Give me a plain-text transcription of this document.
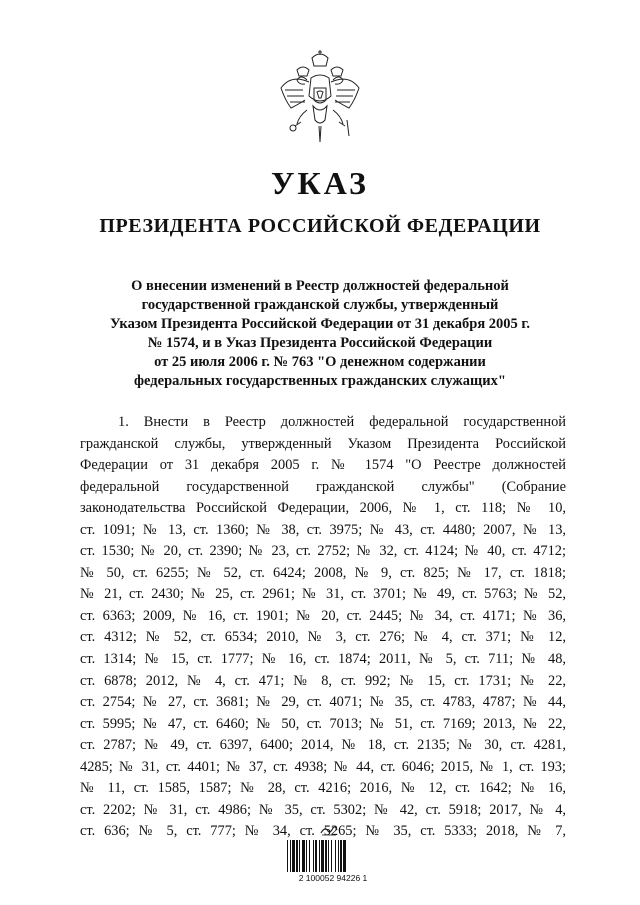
УКАЗ
ПРЕЗИДЕНТА РОССИЙСКОЙ ФЕДЕРАЦИИ
О внесении изменений в Реестр должностей федеральной
государственной гражданской службы, утвержденный
Указом Президента Российской Федерации от 31 декабря 2005 г.
№ 1574, и в Указ Президента Российской Федерации
от 25 июля 2006 г. № 763 "О денежном содержании
федеральных государственных гражданских служащих"
1. Внести в Реестр должностей федеральной государственной
гражданской службы, утвержденный Указом Президента Российской
Федерации от 31 декабря 2005 г. № 1574 "О Реестре должностей
федеральной государственной гражданской службы" (Собрание
законодательства Российской Федерации, 2006, № 1, ст. 118; № 10,
ст. 1091; № 13, ст. 1360; № 38, ст. 3975; № 43, ст. 4480; 2007, № 13,
ст. 1530; № 20, ст. 2390; № 23, ст. 2752; № 32, ст. 4124; № 40, ст. 4712;
№ 50, ст. 6255; № 52, ст. 6424; 2008, № 9, ст. 825; № 17, ст. 1818;
№ 21, ст. 2430; № 25, ст. 2961; № 31, ст. 3701; № 49, ст. 5763; № 52,
ст. 6363; 2009, № 16, ст. 1901; № 20, ст. 2445; № 34, ст. 4171; № 36,
ст. 4312; № 52, ст. 6534; 2010, № 3, ст. 276; № 4, ст. 371; № 12,
ст. 1314; № 15, ст. 1777; № 16, ст. 1874; 2011, № 5, ст. 711; № 48,
ст. 6878; 2012, № 4, ст. 471; № 8, ст. 992; № 15, ст. 1731; № 22,
ст. 2754; № 27, ст. 3681; № 29, ст. 4071; № 35, ст. 4783, 4787; № 44,
ст. 5995; № 47, ст. 6460; № 50, ст. 7013; № 51, ст. 7169; 2013, № 22,
ст. 2787; № 49, ст. 6397, 6400; 2014, № 18, ст. 2135; № 30, ст. 4281,
4285; № 31, ст. 4401; № 37, ст. 4938; № 44, ст. 6046; 2015, № 1, ст. 193;
№ 11, ст. 1585, 1587; № 28, ст. 4216; 2016, № 12, ст. 1642; № 16,
ст. 2202; № 31, ст. 4986; № 35, ст. 5302; № 42, ст. 5918; 2017, № 4,
ст. 636; № 5, ст. 777; № 34, ст. 5265; № 35, ст. 5333; 2018, № 7,
2 100052 94226 1
